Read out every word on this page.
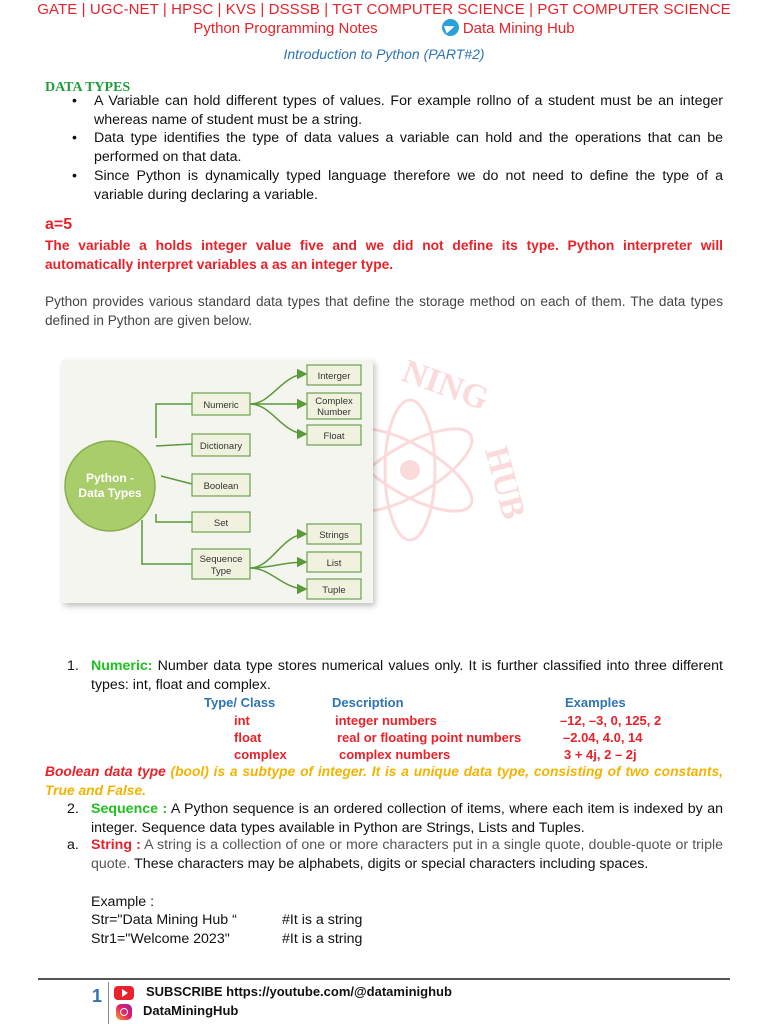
GATE | UGC-NET | HPSC | KVS | DSSSB | TGT COMPUTER SCIENCE | PGT COMPUTER SCIENCE
Python Programming Notes	Data Mining Hub
Introduction to Python (PART#2)
DATA TYPES
• A Variable can hold different types of values. For example rollno of a student must be an integer whereas name of student must be a string.
• Data type identifies the type of data values a variable can hold and the operations that can be performed on that data.
• Since Python is dynamically typed language therefore we do not need to define the type of a variable during declaring a variable.
a=5
The variable a holds integer value five and we did not define its type. Python interpreter will automatically interpret variables a as an integer type.
Python provides various standard data types that define the storage method on each of them. The data types defined in Python are given below.
NING
HUB
Python -
Data Types
Numeric
Dictionary
Boolean
Set
Sequence
Type
Interger
Complex
Number
Float
Strings
List
Tuple
1. Numeric: Number data type stores numerical values only. It is further classified into three different types: int, float and complex.
Type/ Class	Description	Examples
int	integer numbers	–12, –3, 0, 125, 2
float	real or floating point numbers	–2.04, 4.0, 14
complex	complex numbers	3 + 4j, 2 – 2j
Boolean data type (bool) is a subtype of integer. It is a unique data type, consisting of two constants, True and False.
2. Sequence : A Python sequence is an ordered collection of items, where each item is indexed by an integer. Sequence data types available in Python are Strings, Lists and Tuples.
a. String : A string is a collection of one or more characters put in a single quote, double-quote or triple quote. These characters may be alphabets, digits or special characters including spaces.
Example :
Str="Data Mining Hub “	#It is a string
Str1="Welcome 2023"	#It is a string
1	SUBSCRIBE https://youtube.com/@dataminighub
DataMiningHub
